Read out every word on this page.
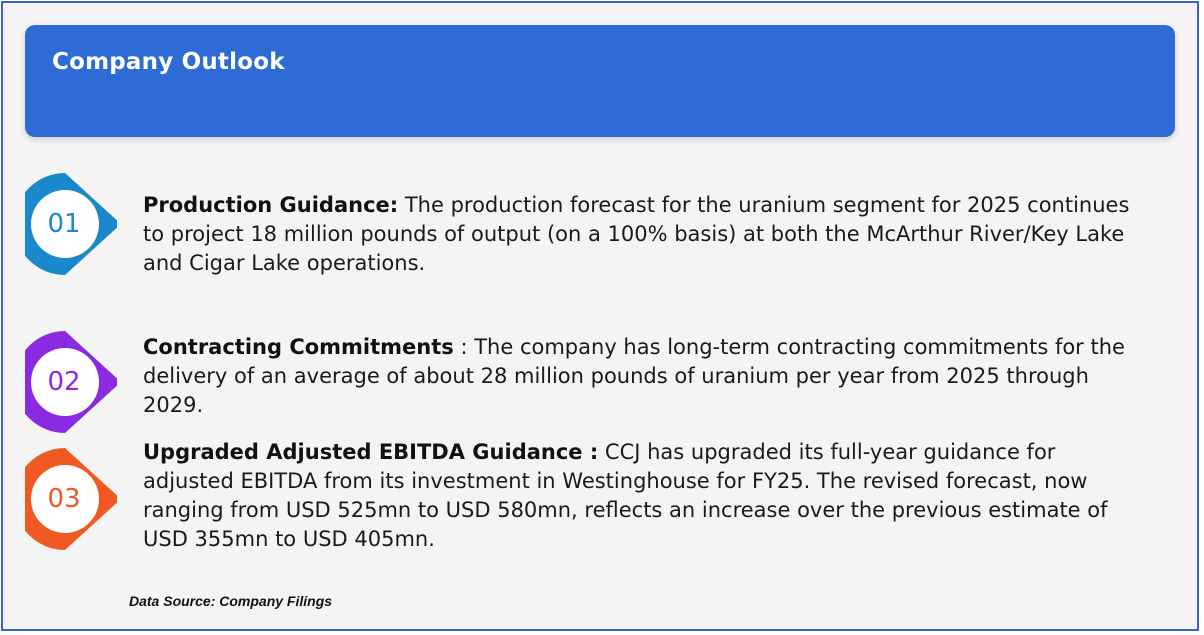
Company Outlook
01
Production Guidance: The production forecast for the uranium segment for 2025 continues to project 18 million pounds of output (on a 100% basis) at both the McArthur River/Key Lake and Cigar Lake operations.
02
Contracting Commitments : The company has long-term contracting commitments for the delivery of an average of about 28 million pounds of uranium per year from 2025 through 2029.
03
Upgraded Adjusted EBITDA Guidance : CCJ has upgraded its full-year guidance for adjusted EBITDA from its investment in Westinghouse for FY25. The revised forecast, now ranging from USD 525mn to USD 580mn, reflects an increase over the previous estimate of USD 355mn to USD 405mn.
Data Source: Company Filings
